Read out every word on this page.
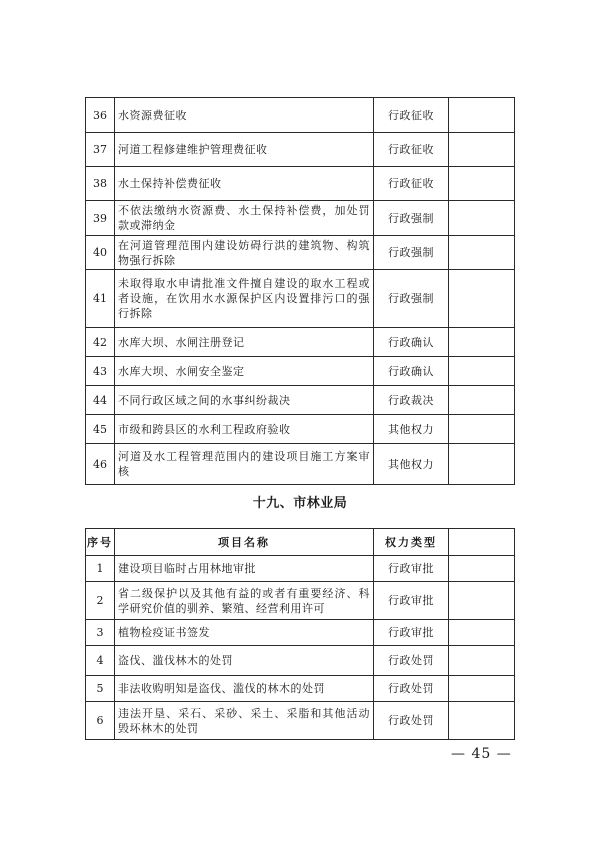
36	水资源费征收	行政征收	
37	河道工程修建维护管理费征收	行政征收	
38	水土保持补偿费征收	行政征收	
39	不依法缴纳水资源费、水土保持补偿费，加处罚款或滞纳金	行政强制	
40	在河道管理范围内建设妨碍行洪的建筑物、构筑物强行拆除	行政强制	
41	未取得取水申请批准文件擅自建设的取水工程或者设施，在饮用水水源保护区内设置排污口的强行拆除	行政强制	
42	水库大坝、水闸注册登记	行政确认	
43	水库大坝、水闸安全鉴定	行政确认	
44	不同行政区域之间的水事纠纷裁决	行政裁决	
45	市级和跨县区的水利工程政府验收	其他权力	
46	河道及水工程管理范围内的建设项目施工方案审核	其他权力	
十九、市林业局
序号	项目名称	权力类型	
1	建设项目临时占用林地审批	行政审批	
2	省二级保护以及其他有益的或者有重要经济、科学研究价值的驯养、繁殖、经营利用许可	行政审批	
3	植物检疫证书签发	行政审批	
4	盗伐、滥伐林木的处罚	行政处罚	
5	非法收购明知是盗伐、滥伐的林木的处罚	行政处罚	
6	违法开垦、采石、采砂、采土、采脂和其他活动毁坏林木的处罚	行政处罚	
— 45 —
